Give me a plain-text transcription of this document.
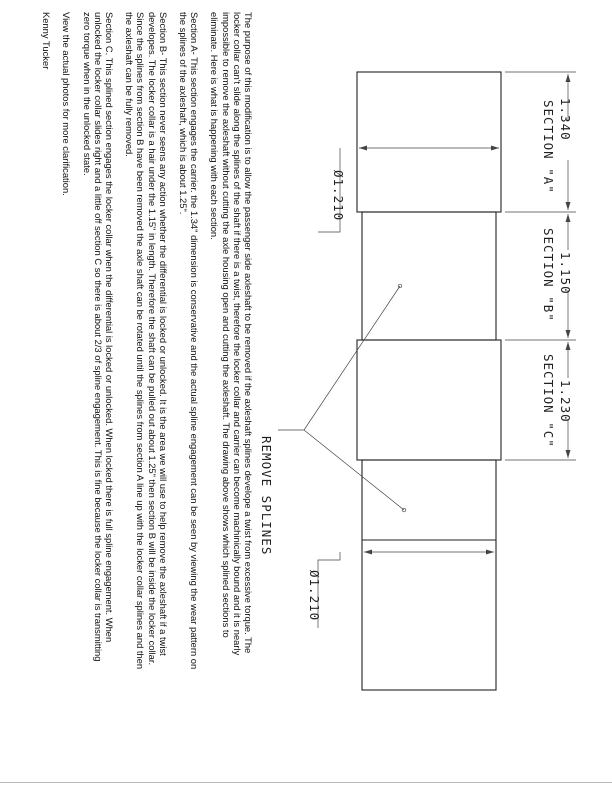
The purpose of this modification is to allow the passenger side axleshaft to be removed if the axleshaft splines develope a twist from excessive torque. The locker collar can't slide along the splines of the shaft if there is a twist, therefore the locker collar and carrier can become machinically bound and it is nearly impossible to remove the axleshaft without cutting the axle housing open and cutting the axleshaft. The drawing above shows which splined sections to eliminate. Here is what is happening with each section.

Section A- This section engages the carrier. the 1.34" dimension is conservative and the actual spline engagement can be seen by viewing the wear pattern on the splines of the axleshaft, which is about 1.25".

Section B- This section never seens any action whether the differential is locked or unlocked. It is the area we will use to help remove the axleshaft if a twist developes. The locker collar is a hair under the 1.15" in length. Therefore the shaft can be pulled out about 1.25" then section B will be inside the locker collar. Since the splines from section B have been removed the axle shaft can be rotated until the splines from section A line up with the locker collar splines and then the axleshaft can be fully removed.

Section C. This splined section engages the locker collar when the differential is locked or unlocked. When locked there is full spline engagement. When unlocked the locker collar slides right and a little off section C so there is about 2/3 of spline engagement. This is fine because the locker collar is transmitting zero torque when in the unlocked state.

View the actual photos for more clarification.

Kenny Tucker

1.340
SECTION "A"
1.150
SECTION "B"
1.230
SECTION "C"
Ø1.210
Ø1.210
REMOVE SPLINES
